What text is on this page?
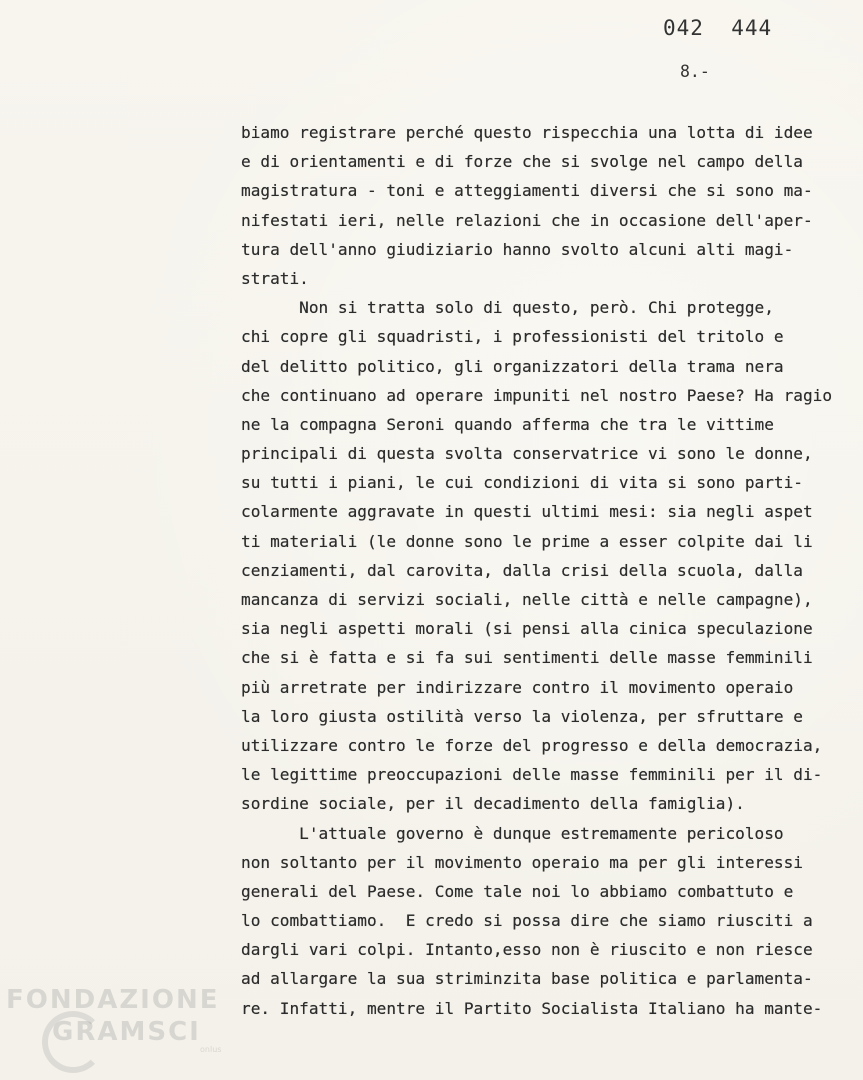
042  444
8.-
biamo registrare perché questo rispecchia una lotta di idee
e di orientamenti e di forze che si svolge nel campo della
magistratura - toni e atteggiamenti diversi che si sono ma-
nifestati ieri, nelle relazioni che in occasione dell'aper-
tura dell'anno giudiziario hanno svolto alcuni alti magi-
strati.
Non si tratta solo di questo, però. Chi protegge,
chi copre gli squadristi, i professionisti del tritolo e
del delitto politico, gli organizzatori della trama nera
che continuano ad operare impuniti nel nostro Paese? Ha ragio
ne la compagna Seroni quando afferma che tra le vittime
principali di questa svolta conservatrice vi sono le donne,
su tutti i piani, le cui condizioni di vita si sono parti-
colarmente aggravate in questi ultimi mesi: sia negli aspet
ti materiali (le donne sono le prime a esser colpite dai li
cenziamenti, dal carovita, dalla crisi della scuola, dalla
mancanza di servizi sociali, nelle città e nelle campagne),
sia negli aspetti morali (si pensi alla cinica speculazione
che si è fatta e si fa sui sentimenti delle masse femminili
più arretrate per indirizzare contro il movimento operaio
la loro giusta ostilità verso la violenza, per sfruttare e
utilizzare contro le forze del progresso e della democrazia,
le legittime preoccupazioni delle masse femminili per il di-
sordine sociale, per il decadimento della famiglia).
L'attuale governo è dunque estremamente pericoloso
non soltanto per il movimento operaio ma per gli interessi
generali del Paese. Come tale noi lo abbiamo combattuto e
lo combattiamo.  E credo si possa dire che siamo riusciti a
dargli vari colpi. Intanto,esso non è riuscito e non riesce
ad allargare la sua striminzita base politica e parlamenta-
re. Infatti, mentre il Partito Socialista Italiano ha mante-
FONDAZIONE
GRAMSCI
onlus
